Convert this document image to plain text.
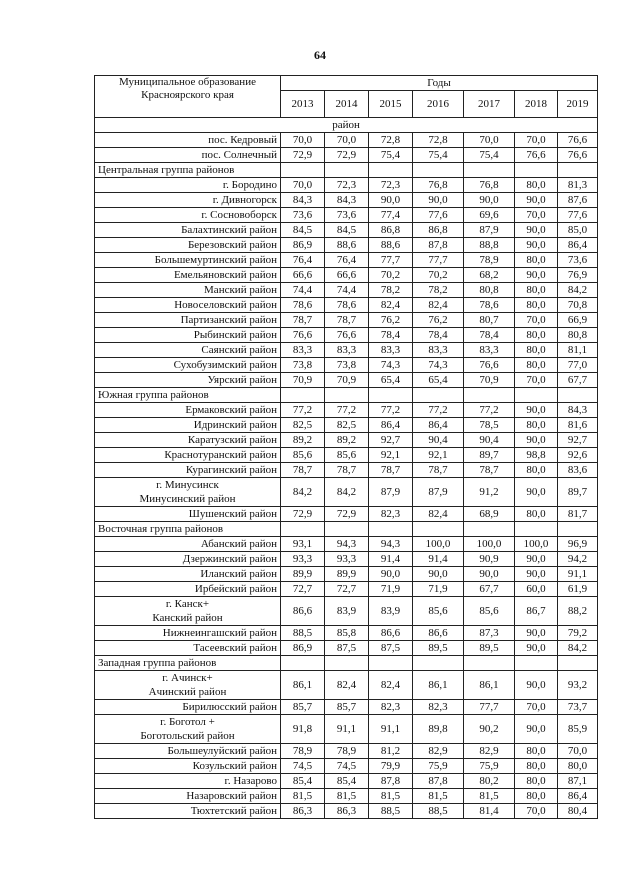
64
Муниципальное образование
Красноярского края	Годы						
	2013	2014	2015	2016	2017	2018	2019
район							
пос. Кедровый	70,0	70,0	72,8	72,8	70,0	70,0	76,6
пос. Солнечный	72,9	72,9	75,4	75,4	75,4	76,6	76,6
Центральная группа районов							
г. Бородино	70,0	72,3	72,3	76,8	76,8	80,0	81,3
г. Дивногорск	84,3	84,3	90,0	90,0	90,0	90,0	87,6
г. Сосновоборск	73,6	73,6	77,4	77,6	69,6	70,0	77,6
Балахтинский район	84,5	84,5	86,8	86,8	87,9	90,0	85,0
Березовский район	86,9	88,6	88,6	87,8	88,8	90,0	86,4
Большемуртинский район	76,4	76,4	77,7	77,7	78,9	80,0	73,6
Емельяновский район	66,6	66,6	70,2	70,2	68,2	90,0	76,9
Манский район	74,4	74,4	78,2	78,2	80,8	80,0	84,2
Новоселовский район	78,6	78,6	82,4	82,4	78,6	80,0	70,8
Партизанский район	78,7	78,7	76,2	76,2	80,7	70,0	66,9
Рыбинский район	76,6	76,6	78,4	78,4	78,4	80,0	80,8
Саянский район	83,3	83,3	83,3	83,3	83,3	80,0	81,1
Сухобузимский район	73,8	73,8	74,3	74,3	76,6	80,0	77,0
Уярский район	70,9	70,9	65,4	65,4	70,9	70,0	67,7
Южная группа районов							
Ермаковский район	77,2	77,2	77,2	77,2	77,2	90,0	84,3
Идринский район	82,5	82,5	86,4	86,4	78,5	80,0	81,6
Каратузский район	89,2	89,2	92,7	90,4	90,4	90,0	92,7
Краснотуранский район	85,6	85,6	92,1	92,1	89,7	98,8	92,6
Курагинский район	78,7	78,7	78,7	78,7	78,7	80,0	83,6
г. Минусинск
Минусинский район	84,2	84,2	87,9	87,9	91,2	90,0	89,7
Шушенский район	72,9	72,9	82,3	82,4	68,9	80,0	81,7
Восточная группа районов							
Абанский район	93,1	94,3	94,3	100,0	100,0	100,0	96,9
Дзержинский район	93,3	93,3	91,4	91,4	90,9	90,0	94,2
Иланский район	89,9	89,9	90,0	90,0	90,0	90,0	91,1
Ирбейский район	72,7	72,7	71,9	71,9	67,7	60,0	61,9
г. Канск+
Канский район	86,6	83,9	83,9	85,6	85,6	86,7	88,2
Нижнеингашский район	88,5	85,8	86,6	86,6	87,3	90,0	79,2
Тасеевский район	86,9	87,5	87,5	89,5	89,5	90,0	84,2
Западная группа районов							
г. Ачинск+
Ачинский район	86,1	82,4	82,4	86,1	86,1	90,0	93,2
Бирилюсский район	85,7	85,7	82,3	82,3	77,7	70,0	73,7
г. Боготол +
Боготольский район	91,8	91,1	91,1	89,8	90,2	90,0	85,9
Большеулуйский район	78,9	78,9	81,2	82,9	82,9	80,0	70,0
Козульский район	74,5	74,5	79,9	75,9	75,9	80,0	80,0
г. Назарово	85,4	85,4	87,8	87,8	80,2	80,0	87,1
Назаровский район	81,5	81,5	81,5	81,5	81,5	80,0	86,4
Тюхтетский район	86,3	86,3	88,5	88,5	81,4	70,0	80,4
